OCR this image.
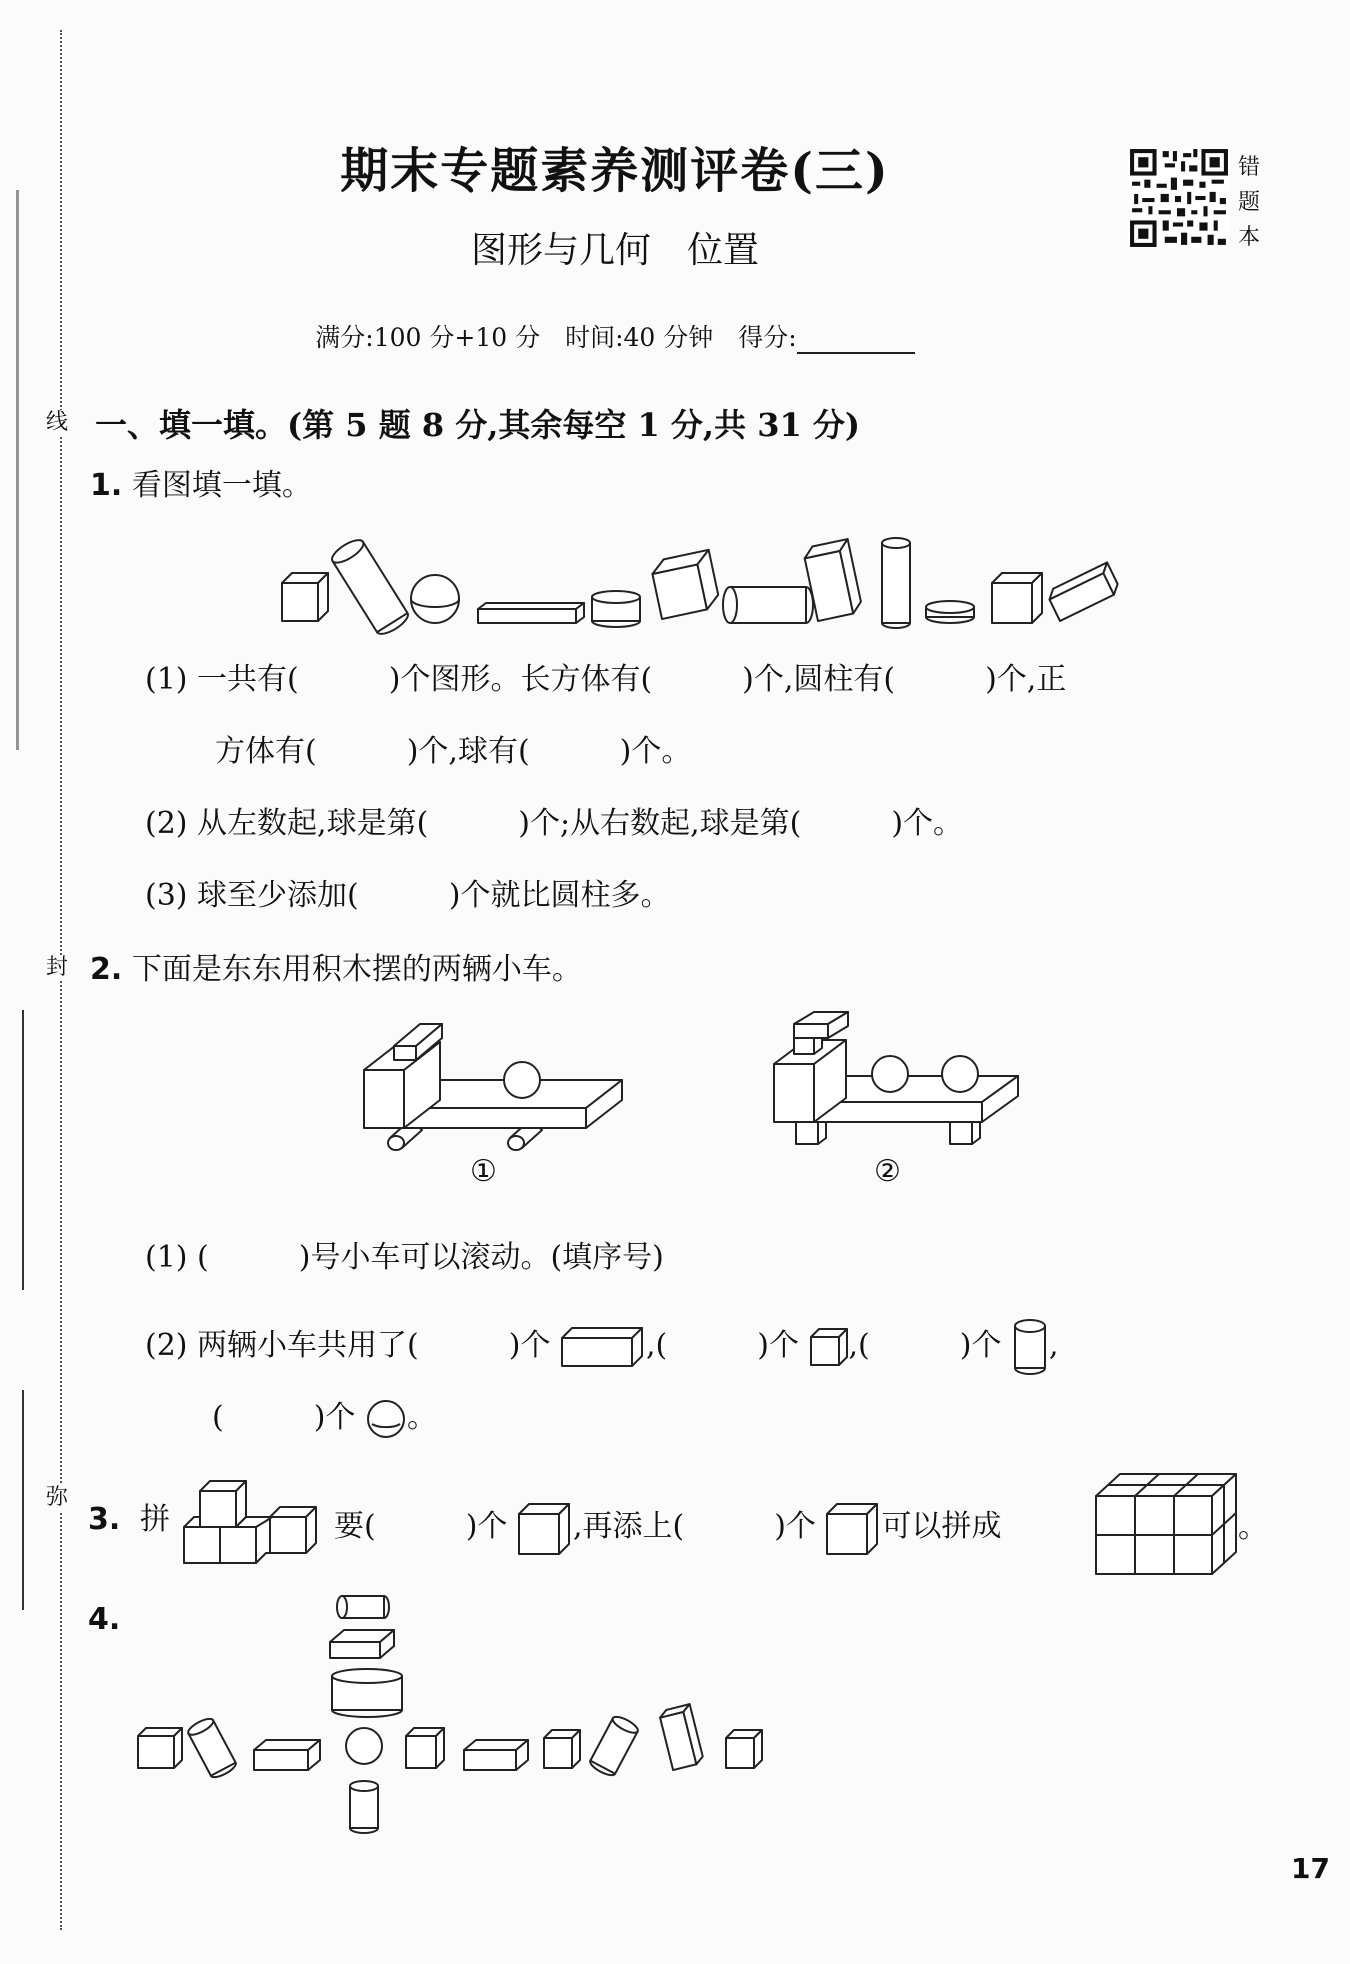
线
封
弥
期末专题素养测评卷(三)
图形与几何　位置
错
题
本
满分:100 分+10 分　时间:40 分钟　得分:
一、填一填。(第 5 题 8 分,其余每空 1 分,共 31 分)
1. 看图填一填。
(1) 一共有(　　　)个图形。长方体有(　　　)个,圆柱有(　　　)个,正
方体有(　　　)个,球有(　　　)个。
(2) 从左数起,球是第(　　　)个;从右数起,球是第(　　　)个。
(3) 球至少添加(　　　)个就比圆柱多。
2. 下面是东东用积木摆的两辆小车。
①	②
(1) (　　　)号小车可以滚动。(填序号)
(2) 两辆小车共用了(　　　)个	,(　　　)个 ,(　　　)个 ,
(　　　)个 。
3. 拼	要(　　　)个 ,再添上(　　　)个 可以拼成	。
4.
17
